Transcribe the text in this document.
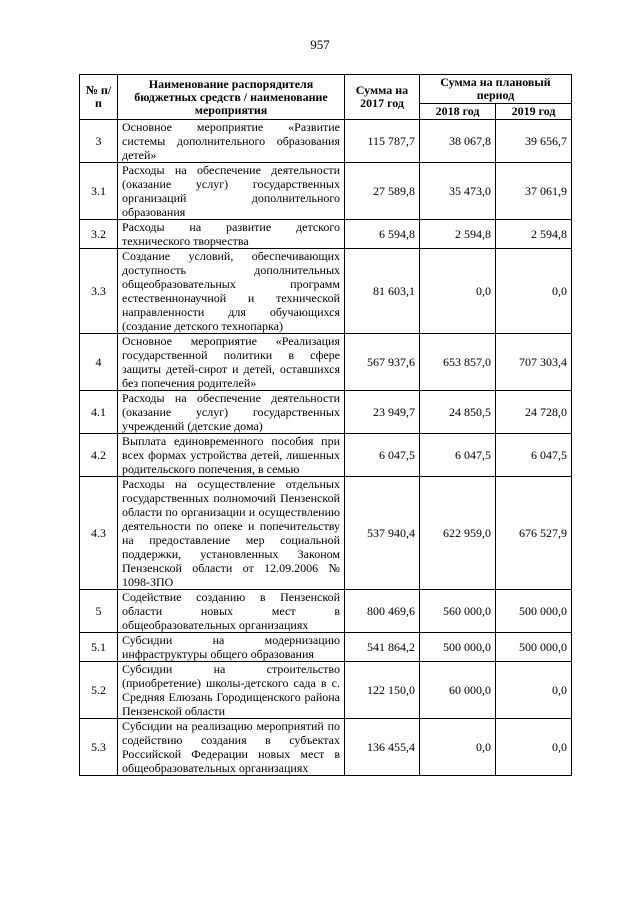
957
№ п/п	Наименование распорядителя бюджетных средств / наименование мероприятия	Сумма на 2017 год	Сумма на плановый период	
			2018 год	2019 год
3	Основное мероприятие «Развитие системы дополнительного образования детей»	115 787,7	38 067,8	39 656,7
3.1	Расходы на обеспечение деятельности (оказание услуг) государственных организаций дополнительного образования	27 589,8	35 473,0	37 061,9
3.2	Расходы на развитие детского технического творчества	6 594,8	2 594,8	2 594,8
3.3	Создание условий, обеспечивающих доступность дополнительных общеобразовательных программ естественнонаучной и технической направленности для обучающихся (создание детского технопарка)	81 603,1	0,0	0,0
4	Основное мероприятие «Реализация государственной политики в сфере защиты детей-сирот и детей, оставшихся без попечения родителей»	567 937,6	653 857,0	707 303,4
4.1	Расходы на обеспечение деятельности (оказание услуг) государственных учреждений (детские дома)	23 949,7	24 850,5	24 728,0
4.2	Выплата единовременного пособия при всех формах устройства детей, лишенных родительского попечения, в семью	6 047,5	6 047,5	6 047,5
4.3	Расходы на осуществление отдельных государственных полномочий Пензенской области по организации и осуществлению деятельности по опеке и попечительству на предоставление мер социальной поддержки, установленных Законом Пензенской области от 12.09.2006 № 1098-ЗПО	537 940,4	622 959,0	676 527,9
5	Содействие созданию в Пензенской области новых мест в общеобразовательных организациях	800 469,6	560 000,0	500 000,0
5.1	Субсидии на модернизацию инфраструктуры общего образования	541 864,2	500 000,0	500 000,0
5.2	Субсидии на строительство (приобретение) школы-детского сада в с. Средняя Елюзань Городищенского района Пензенской области	122 150,0	60 000,0	0,0
5.3	Субсидии на реализацию мероприятий по содействию создания в субъектах Российской Федерации новых мест в общеобразовательных организациях	136 455,4	0,0	0,0
